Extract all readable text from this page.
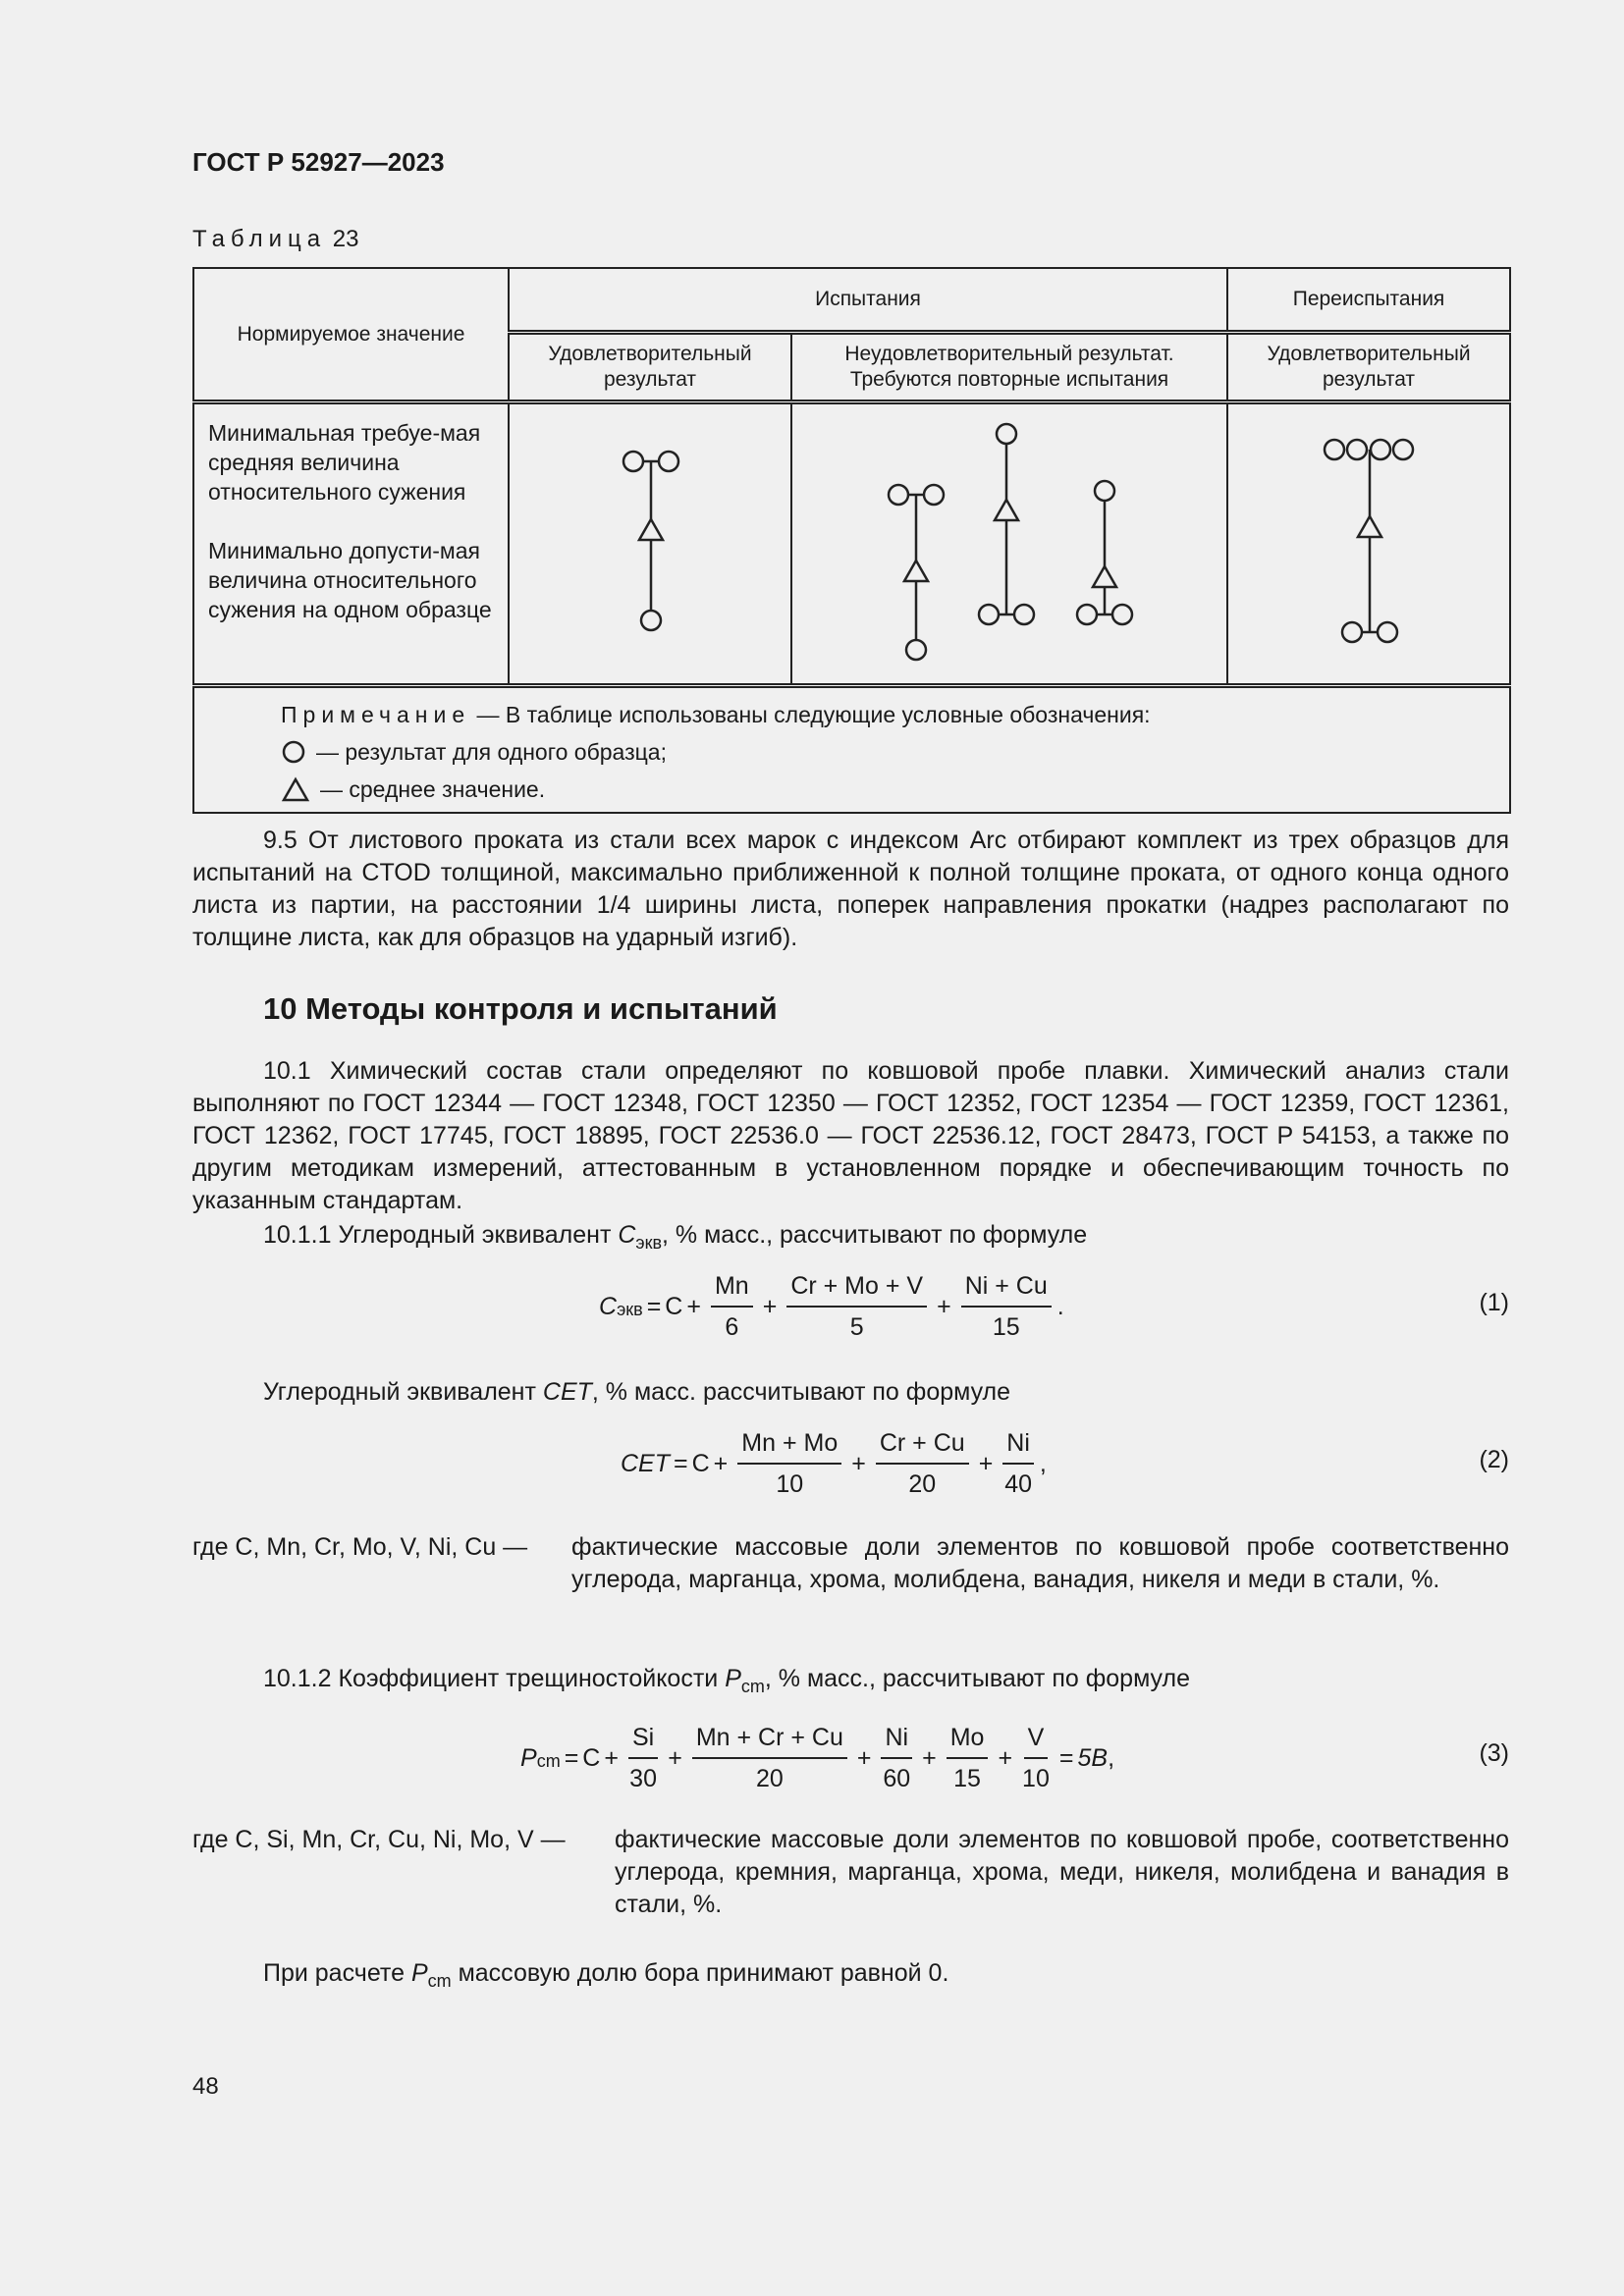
ГОСТ Р 52927—2023
Таблица 23
Нормируемое значение	Испытания		Переиспытания
	Удовлетворительный результат	Неудовлетворительный результат. Требуются повторные испытания	Удовлетворительный результат

Минимальная требуе-мая средняя величина относительного сужения
Минимально допусти-мая величина относительного сужения на одном образце

Примечание — В таблице использованы следующие условные обозначения:
— результат для одного образца;
— среднее значение.			
9.5 От листового проката из стали всех марок с индексом Arc отбирают комплект из трех образцов для испытаний на CTOD толщиной, максимально приближенной к полной толщине проката, от одного конца одного листа из партии, на расстоянии 1/4 ширины листа, поперек направления прокатки (надрез располагают по толщине листа, как для образцов на ударный изгиб).
10 Методы контроля и испытаний
10.1 Химический состав стали определяют по ковшовой пробе плавки. Химический анализ стали выполняют по ГОСТ 12344 — ГОСТ 12348, ГОСТ 12350 — ГОСТ 12352, ГОСТ 12354 — ГОСТ 12359, ГОСТ 12361, ГОСТ 12362, ГОСТ 17745, ГОСТ 18895, ГОСТ 22536.0 — ГОСТ 22536.12, ГОСТ 28473, ГОСТ Р 54153, а также по другим методикам измерений, аттестованным в установленном порядке и обеспечивающим точность по указанным стандартам.
10.1.1 Углеродный эквивалент $C_{экв}$, % масс., рассчитывают по формуле
C экв = $C + \frac{Mn}{6} + \frac{Cr + Mo + V}{5} + \frac{Ni + Cu}{15}$ .	(1)
Углеродный эквивалент CET, % масс. рассчитывают по формуле
CET = $C + \frac{Mn + Mo}{10} + \frac{Cr + Cu}{20} + \frac{Ni}{40}$ ,	(2)
где C, Mn, Cr, Mo, V, Ni, Cu — фактические массовые доли элементов по ковшовой пробе соответственно углерода, марганца, хрома, молибдена, ванадия, никеля и меди в стали, %.
10.1.2 Коэффициент трещиностойкости $P_{cm}$, % масс., рассчитывают по формуле
P cm = $C + \frac{Si}{30} + \frac{Mn + Cr + Cu}{20} + \frac{Ni}{60} + \frac{Mo}{15} + \frac{V}{10} = 5B$ ,	(3)
где C, Si, Mn, Cr, Cu, Ni, Mo, V — фактические массовые доли элементов по ковшовой пробе, соответственно углерода, кремния, марганца, хрома, меди, никеля, молибдена и ванадия в стали, %.
При расчете $P_{cm}$ массовую долю бора принимают равной 0.
48
